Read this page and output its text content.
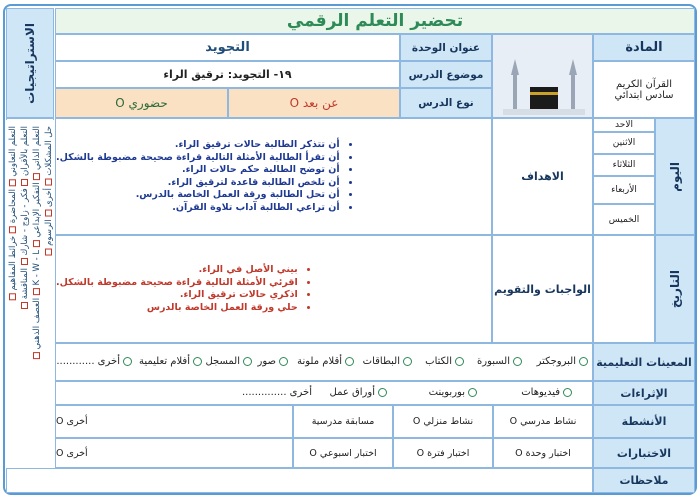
تحضير التعلم الرقمي
الاستراتيجيات
التعلم التعاوني  المحاضرة  خرائط المفاهيم
التعلم بالأقران  فكر - زاوج - شارك  المناقشة
العصف الذهني  K - W - L  التعلم الذاتي  التفكير الإبداعي
حل المشكلات  أخرى  الرسوم
المادة
القرآن الكريم
سادس ابتدائي
عنوان الوحدة
التجويد
موضوع الدرس
١٩- التجويد: ترقيق الراء
نوع الدرس
عن بعد O
حضوري O
اليوم
التاريخ
الاحد
الاثنين
الثلاثاء
الأربعاء
الخميس
الاهداف
• أن تتذكر الطالبة حالات ترقيق الراء.
• أن تقرأ الطالبة الأمثلة التالية قراءة صحيحة مضبوطة بالشكل.
• أن توضح الطالبة حكم حالات الراء.
• أن تلخص الطالبة قاعدة لترقيق الراء.
• أن تحل الطالبة ورقة العمل الخاصة بالدرس.
• أن تراعي الطالبة آداب تلاوة القرآن.
الواجبات والتقويم
• بيني الأصل في الراء.
• اقرئي الأمثلة التالية قراءة صحيحة مضبوطة بالشكل.
• اذكري حالات ترقيق الراء.
• حلي ورقة العمل الخاصة بالدرس
المعينات التعليمية
البروجكتر
السبورة
الكتاب
البطاقات
أقلام ملونة
صور
المسجل
أفلام تعليمية
أخرى ............
الإثراءات
فيديوهات
بوربوينت
أوراق عمل
أخرى ..............
الأنشطة
نشاط مدرسي O
نشاط منزلي O
مسابقة مدرسية
أخرى O
الاختبارات
اختبار وحدة O
اختبار فترة O
اختبار اسبوعي O
أخرى O
ملاحظات
